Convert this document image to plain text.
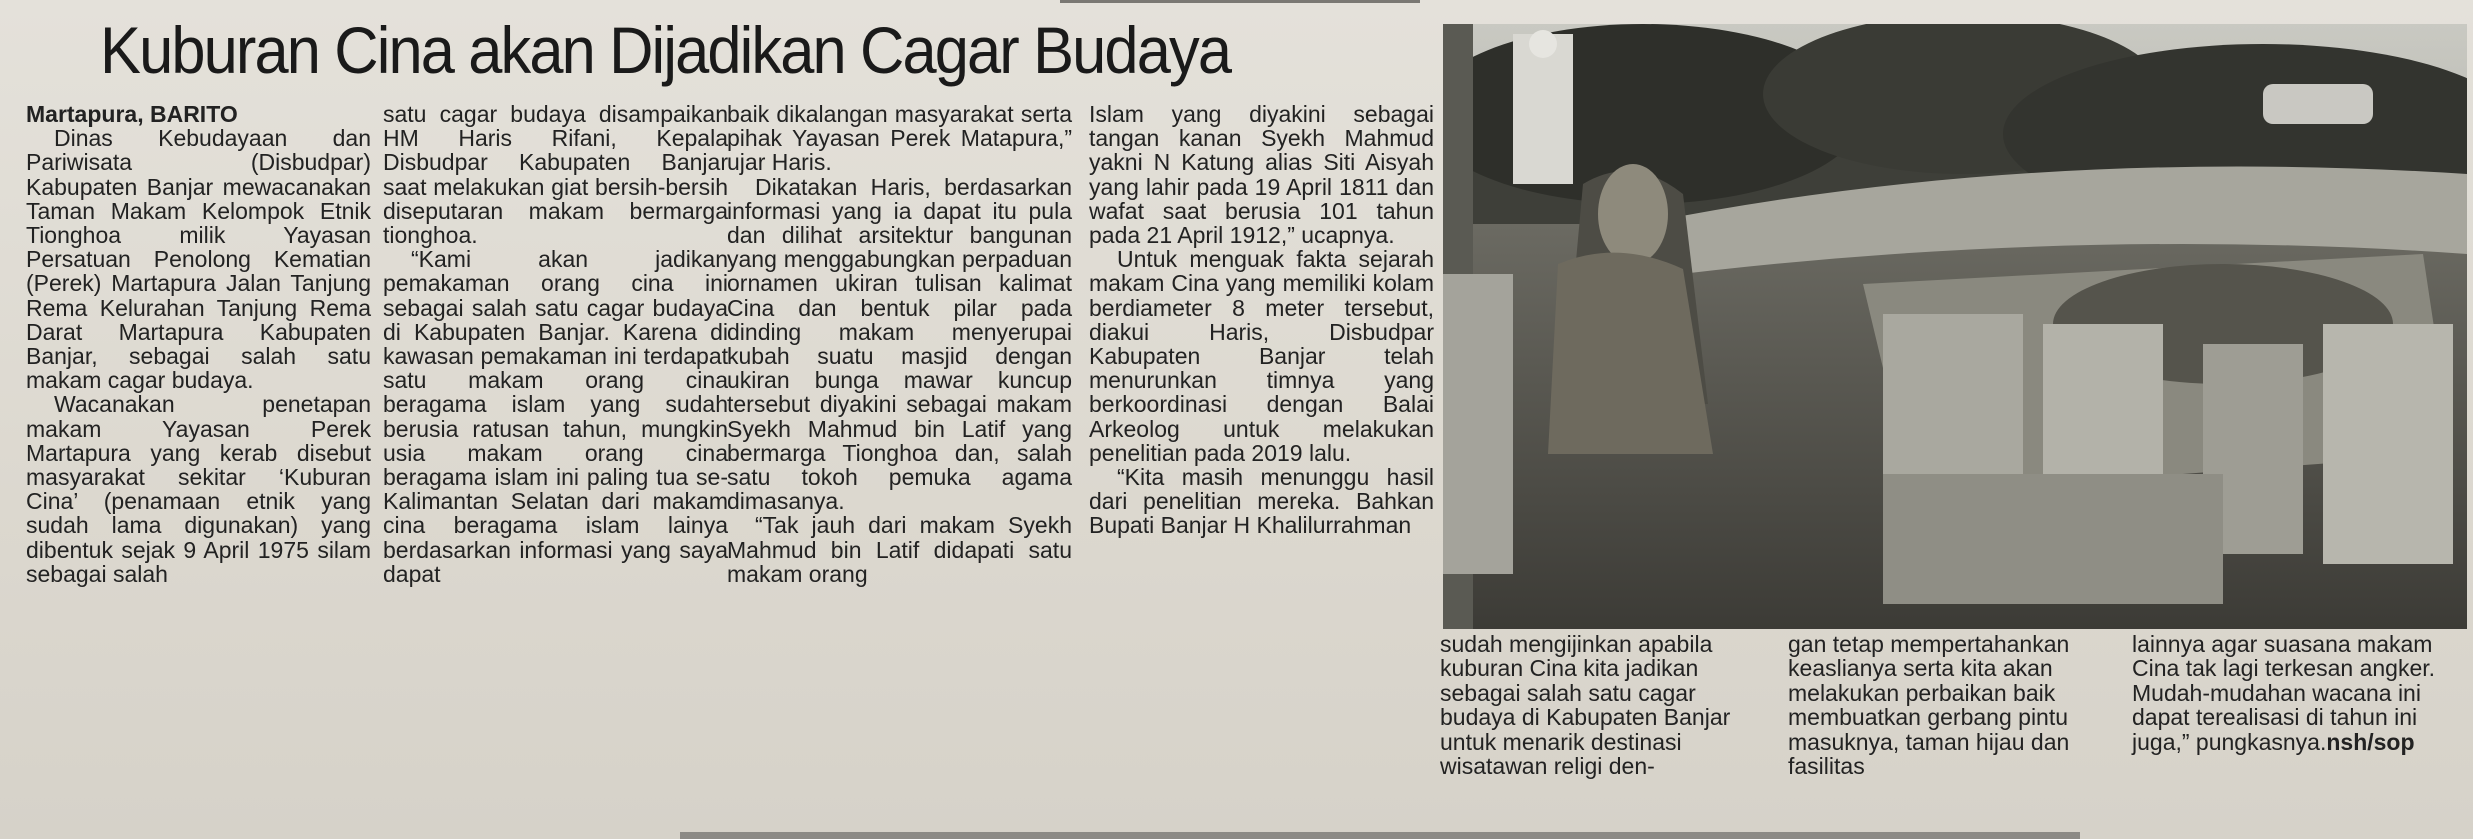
Kuburan Cina akan Dijadikan Cagar Budaya

Martapura, BARITO

Dinas Kebudayaan dan Pariwisata (Disbudpar) Kabupaten Banjar mewacanakan Taman Makam Kelompok Etnik Tionghoa milik Yayasan Persatuan Penolong Kematian (Perek) Martapura Jalan Tanjung Rema Kelurahan Tanjung Rema Darat Martapura Kabupaten Banjar, sebagai salah satu makam cagar budaya.

Wacanakan penetapan makam Yayasan Perek Martapura yang kerab disebut masyarakat sekitar ‘Kuburan Cina’ (penamaan etnik yang sudah lama digunakan) yang dibentuk sejak 9 April 1975 silam sebagai salah

satu cagar budaya disampaikan HM Haris Rifani, Kepala Disbudpar Kabupaten Banjar saat melakukan giat bersih-bersih diseputaran makam bermarga tionghoa.

“Kami akan jadikan pemakaman orang cina ini sebagai salah satu cagar budaya di Kabupaten Banjar. Karena di kawasan pemakaman ini terdapat satu makam orang cina beragama islam yang sudah berusia ratusan tahun, mungkin usia makam orang cina beragama islam ini paling tua se-Kalimantan Selatan dari makam cina beragama islam lainya berdasarkan informasi yang saya dapat

baik dikalangan masyarakat serta pihak Yayasan Perek Matapura,” ujar Haris.

Dikatakan Haris, berdasarkan informasi yang ia dapat itu pula dan dilihat arsitektur bangunan yang menggabungkan perpaduan ornamen ukiran tulisan kalimat Cina dan bentuk pilar pada dinding makam menyerupai kubah suatu masjid dengan ukiran bunga mawar kuncup tersebut diyakini sebagai makam Syekh Mahmud bin Latif yang bermarga Tionghoa dan, salah satu tokoh pemuka agama dimasanya.

“Tak jauh dari makam Syekh Mahmud bin Latif didapati satu makam orang

Islam yang diyakini sebagai tangan kanan Syekh Mahmud yakni N Katung alias Siti Aisyah yang lahir pada 19 April 1811 dan wafat saat berusia 101 tahun pada 21 April 1912,” ucapnya.

Untuk menguak fakta sejarah makam Cina yang memiliki kolam berdiameter 8 meter tersebut, diakui Haris, Disbudpar Kabupaten Banjar telah menurunkan timnya yang berkoordinasi dengan Balai Arkeolog untuk melakukan penelitian pada 2019 lalu.

“Kita masih menunggu hasil dari penelitian mereka. Bahkan Bupati Banjar H Khalilurrahman

sudah mengijinkan apabila kuburan Cina kita jadikan sebagai salah satu cagar budaya di Kabupaten Banjar untuk menarik destinasi wisatawan religi den-

gan tetap mempertahankan keaslianya serta kita akan melakukan perbaikan baik membuatkan gerbang pintu masuknya, taman hijau dan fasilitas

lainnya agar suasana makam Cina tak lagi terkesan angker. Mudah-mudahan wacana ini dapat terealisasi di tahun ini juga,” pungkasnya.nsh/sop
